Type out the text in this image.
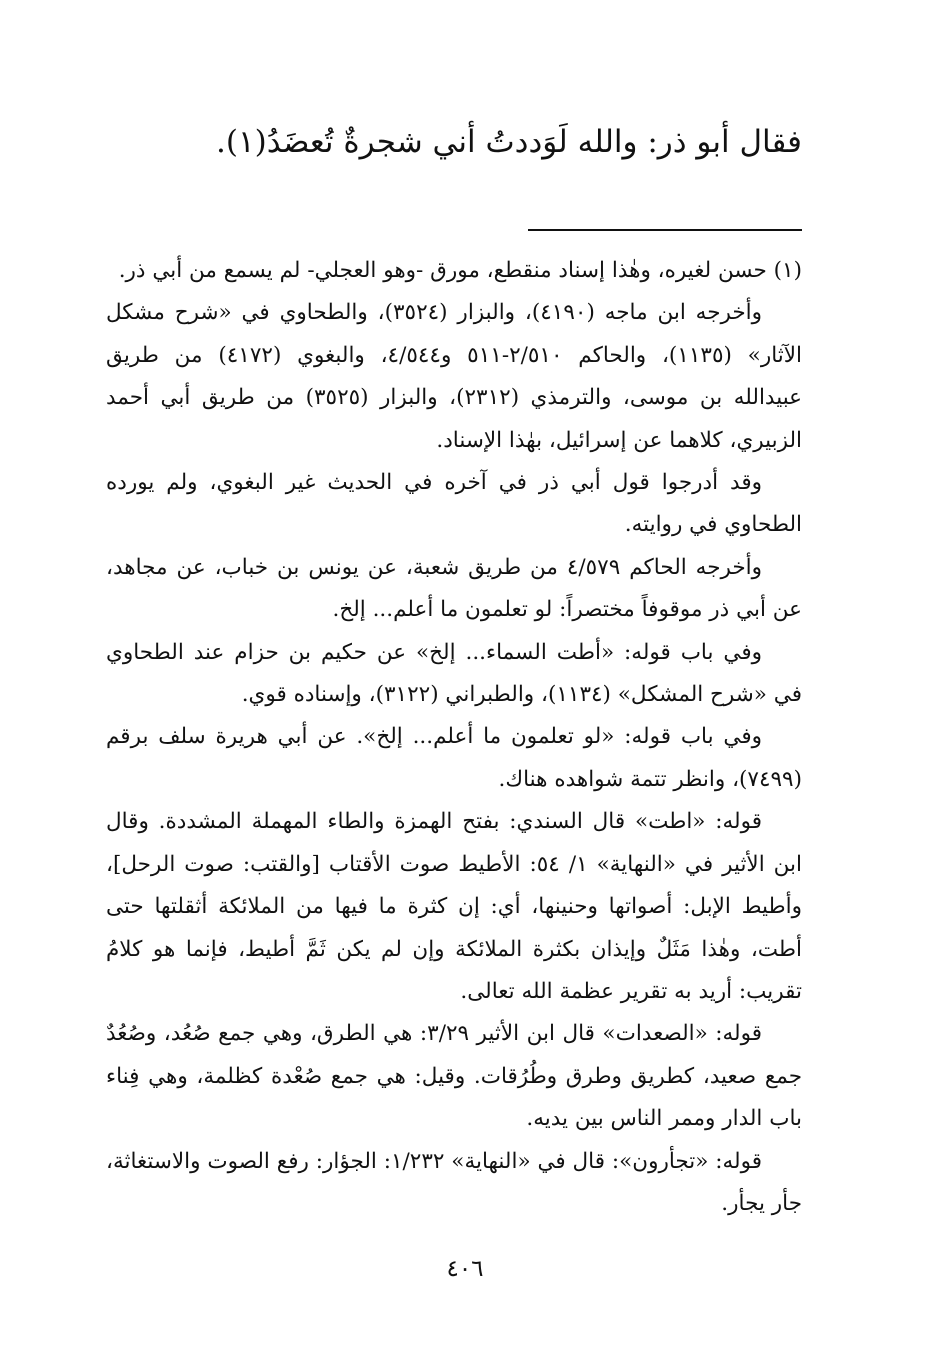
فقال أبو ذر: والله لَوَددتُ أني شجرةٌ تُعضَدُ(١).

(١) حسن لغيره، وهٰذا إسناد منقطع، مورق -وهو العجلي- لم يسمع من أبي ذر.

وأخرجه ابن ماجه (٤١٩٠)، والبزار (٣٥٢٤)، والطحاوي في «شرح مشكل الآثار» (١١٣٥)، والحاكم ٢/٥١٠-٥١١ و٤/٥٤٤، والبغوي (٤١٧٢) من طريق عبيدالله بن موسى، والترمذي (٢٣١٢)، والبزار (٣٥٢٥) من طريق أبي أحمد الزبيري، كلاهما عن إسرائيل، بهٰذا الإسناد.

وقد أدرجوا قول أبي ذر في آخره في الحديث غير البغوي، ولم يورده الطحاوي في روايته.

وأخرجه الحاكم ٤/٥٧٩ من طريق شعبة، عن يونس بن خباب، عن مجاهد، عن أبي ذر موقوفاً مختصراً: لو تعلمون ما أعلم... إلخ.

وفي باب قوله: «أطت السماء... إلخ» عن حكيم بن حزام عند الطحاوي في «شرح المشكل» (١١٣٤)، والطبراني (٣١٢٢)، وإسناده قوي.

وفي باب قوله: «لو تعلمون ما أعلم... إلخ». عن أبي هريرة سلف برقم (٧٤٩٩)، وانظر تتمة شواهده هناك.

قوله: «اطت» قال السندي: بفتح الهمزة والطاء المهملة المشددة. وقال ابن الأثير في «النهاية» ١/ ٥٤: الأطيط صوت الأقتاب [والقتب: صوت الرحل]، وأطيط الإبل: أصواتها وحنينها، أي: إن كثرة ما فيها من الملائكة أثقلتها حتى أطت، وهٰذا مَثَلٌ وإيذان بكثرة الملائكة وإن لم يكن ثَمَّ أطيط، فإنما هو كلامُ تقريب: أريد به تقرير عظمة الله تعالى.

قوله: «الصعدات» قال ابن الأثير ٣/٢٩: هي الطرق، وهي جمع صُعُد، وصُعُدٌ جمع صعيد، كطريق وطرق وطُرُقات. وقيل: هي جمع صُعْدة كظلمة، وهي فِناء باب الدار وممر الناس بين يديه.

قوله: «تجأرون»: قال في «النهاية» ١/٢٣٢: الجؤار: رفع الصوت والاستغاثة، جأر يجأر.

٤٠٦
